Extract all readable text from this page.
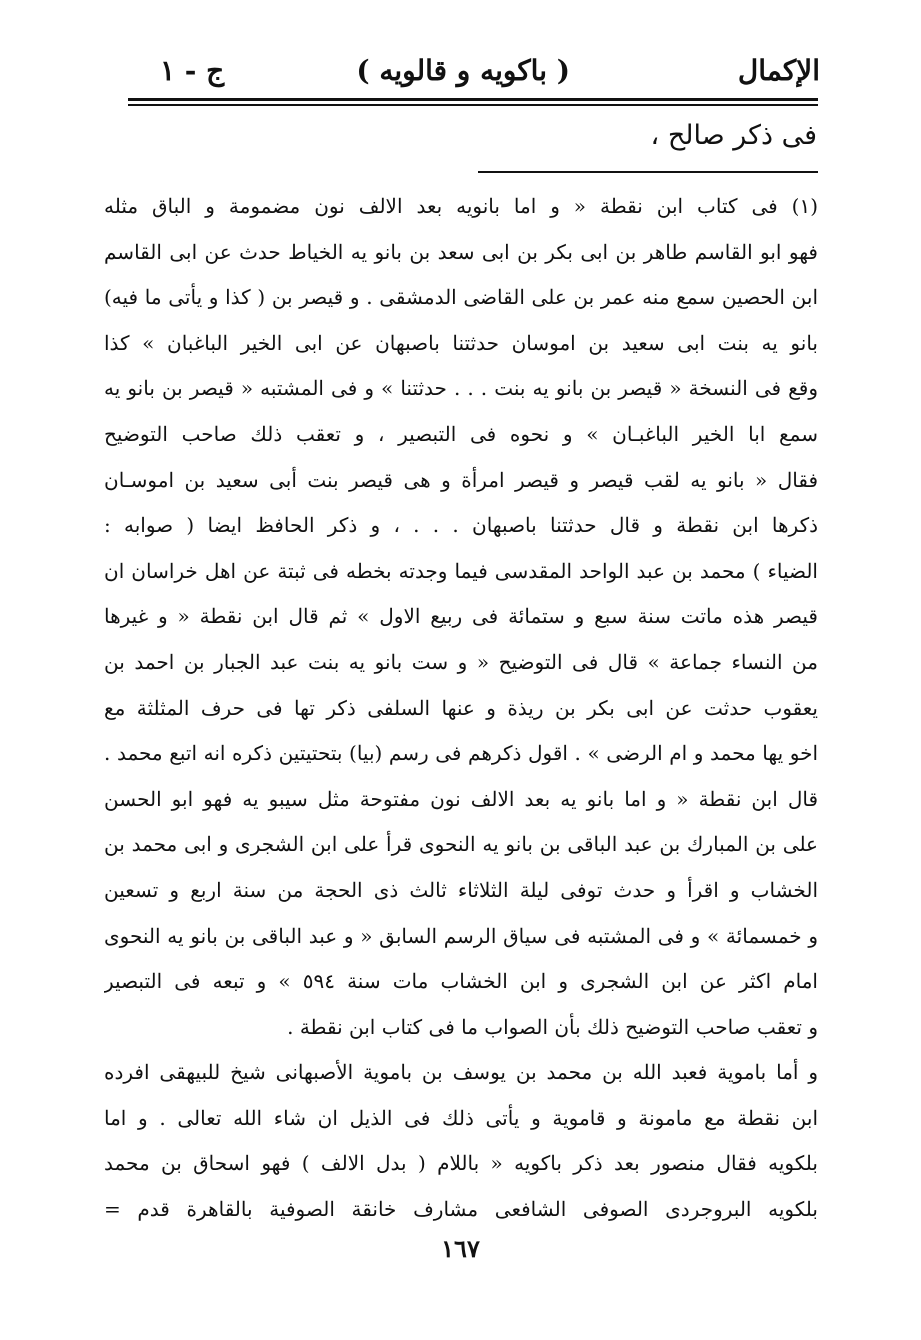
الإكمال
( باكويه و قالويه )
ج - ١
فى ذكر صالح ،
(١) فى كتاب ابن نقطة « و اما بانويه بعد الالف نون مضمومة و الباق مثله
فهو ابو القاسم طاهر بن ابى بكر بن ابى سعد بن بانو يه الخياط حدث عن ابى القاسم
ابن الحصين سمع منه عمر بن على القاضى الدمشقى . و قيصر بن ( كذا و يأتى ما فيه)
بانو يه بنت ابى سعيد بن اموسان حدثتنا باصبهان عن ابى الخير الباغبان » كذا
وقع فى النسخة « قيصر بن بانو يه بنت . . . حدثتنا » و فى المشتبه « قيصر بن بانو يه
سمع ابا الخير الباغبـان » و نحوه فى التبصير ، و تعقب ذلك صاحب التوضيح
فقال « بانو يه لقب قيصر و قيصر امرأة و هى قيصر بنت أبى سعيد بن اموسـان
ذكرها ابن نقطة و قال حدثتنا باصبهان . . . ، و ذكر الحافظ ايضا ( صوابه :
الضياء ) محمد بن عبد الواحد المقدسى فيما وجدته بخطه فى ثبتة عن اهل خراسان ان
قيصر هذه ماتت سنة سبع و ستمائة فى ربيع الاول » ثم قال ابن نقطة « و غيرها
من النساء جماعة » قال فى التوضيح « و ست بانو يه بنت عبد الجبار بن احمد بن
يعقوب حدثت عن ابى بكر بن ريذة و عنها السلفى ذكر تها فى حرف المثلثة مع
اخو يها محمد و ام الرضى » . اقول ذكرهم فى رسم (بيا) بتحتيتين ذكره انه اتبع محمد .
قال ابن نقطة « و اما بانو يه بعد الالف نون مفتوحة مثل سيبو يه فهو ابو الحسن
على بن المبارك بن عبد الباقى بن بانو يه النحوى قرأ على ابن الشجرى و ابى محمد بن
الخشاب و اقرأ و حدث توفى ليلة الثلاثاء ثالث ذى الحجة من سنة اربع و تسعين
و خمسمائة » و فى المشتبه فى سياق الرسم السابق « و عبد الباقى بن بانو يه النحوى
امام اكثر عن ابن الشجرى و ابن الخشاب مات سنة ٥٩٤ » و تبعه فى التبصير
و تعقب صاحب التوضيح ذلك بأن الصواب ما فى كتاب ابن نقطة .
و أما باموية فعبد الله بن محمد بن يوسف بن باموية الأصبهانى شيخ للبيهقى افرده
ابن نقطة مع مامونة و قاموية و يأتى ذلك فى الذيل ان شاء الله تعالى . و اما
بلكويه فقال منصور بعد ذكر باكويه « باللام ( بدل الالف ) فهو اسحاق بن محمد
بلكويه البروجردى الصوفى الشافعى مشارف خانقة الصوفية بالقاهرة قدم =
١٦٧
